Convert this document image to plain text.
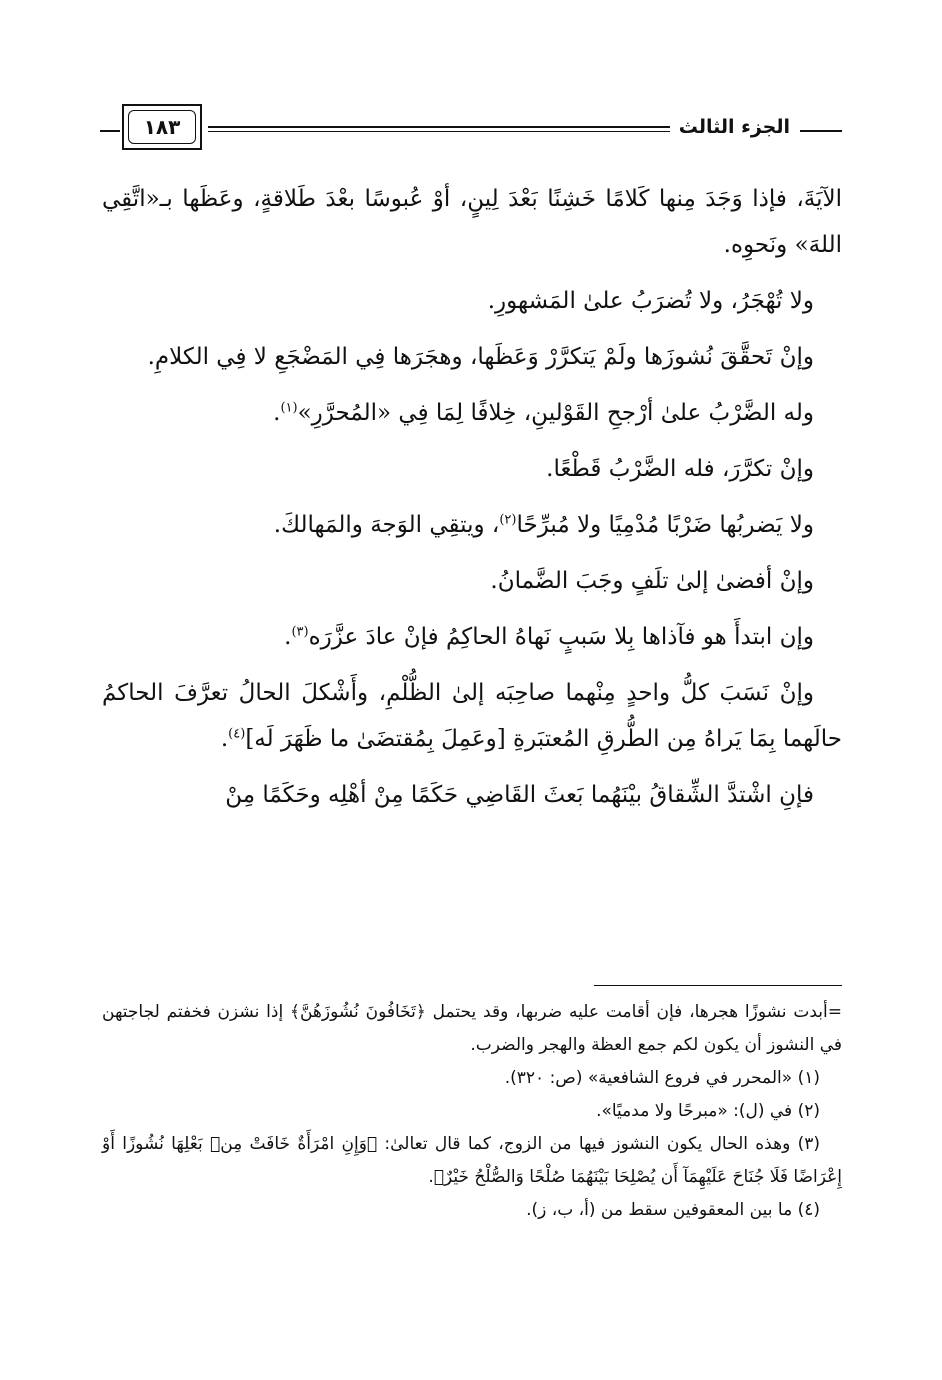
الجزء الثالث
١٨٣

الآيَةَ، فإذا وَجَدَ مِنها كَلامًا خَشِنًا بَعْدَ لِينٍ، أوْ عُبوسًا بعْدَ طَلاقةٍ، وعَظَها بـ«اتَّقِي اللهَ» ونَحوِه.

ولا تُهْجَرُ، ولا تُضرَبُ علىٰ المَشهورِ.

وإنْ تَحقَّقَ نُشوزَها ولَمْ يَتكرَّرْ وَعَظَها، وهجَرَها فِي المَضْجَعِ لا فِي الكلامِ.

وله الضَّرْبُ علىٰ أرْجحِ القَوْلينِ، خِلافًا لِمَا فِي «المُحرَّرِ»$^{(١)}$.

وإنْ تكرَّرَ، فله الضَّرْبُ قَطْعًا.

ولا يَضربُها ضَرْبًا مُدْمِيًا ولا مُبرِّحًا$^{(٢)}$، ويتقِي الوَجهَ والمَهالكَ.

وإنْ أفضىٰ إلىٰ تلَفٍ وجَبَ الضَّمانُ.

وإن ابتدأَ هو فآذاها بِلا سَببٍ نَهاهُ الحاكِمُ فإنْ عادَ عزَّرَه$^{(٣)}$.

وإنْ نَسَبَ كلُّ واحدٍ مِنْهما صاحِبَه إلىٰ الظُّلْمِ، وأَشْكلَ الحالُ تعرَّفَ الحاكمُ حالَهما بِمَا يَراهُ مِن الطُّرقِ المُعتبَرةِ [وعَمِلَ بِمُقتضَىٰ ما ظَهَرَ لَه]$^{(٤)}$.

فإنِ اشْتدَّ الشِّقاقُ بيْنَهُما بَعثَ القَاضِي حَكَمًا مِنْ أهْلِه وحَكَمًا مِنْ

=أبدت نشوزًا هجرها، فإن أقامت عليه ضربها، وقد يحتمل ﴿تَخَافُونَ نُشُوزَهُنَّ﴾ إذا نشزن فخفتم لجاجتهن في النشوز أن يكون لكم جمع العظة والهجر والضرب.

(١) «المحرر في فروع الشافعية» (ص: ٣٢٠).

(٢) في (ل): «مبرحًا ولا مدميًا».

(٣) وهذه الحال يكون النشوز فيها من الزوج، كما قال تعالىٰ: ﴿وَإِنِ امْرَأَةٌ خَافَتْ مِنۢ بَعْلِهَا نُشُوزًا أَوْ إِعْرَاضًا فَلَا جُنَاحَ عَلَيْهِمَآ أَن يُصْلِحَا بَيْنَهُمَا صُلْحًا وَالصُّلْحُ خَيْرٌ﴾.

(٤) ما بين المعقوفين سقط من (أ، ب، ز).
